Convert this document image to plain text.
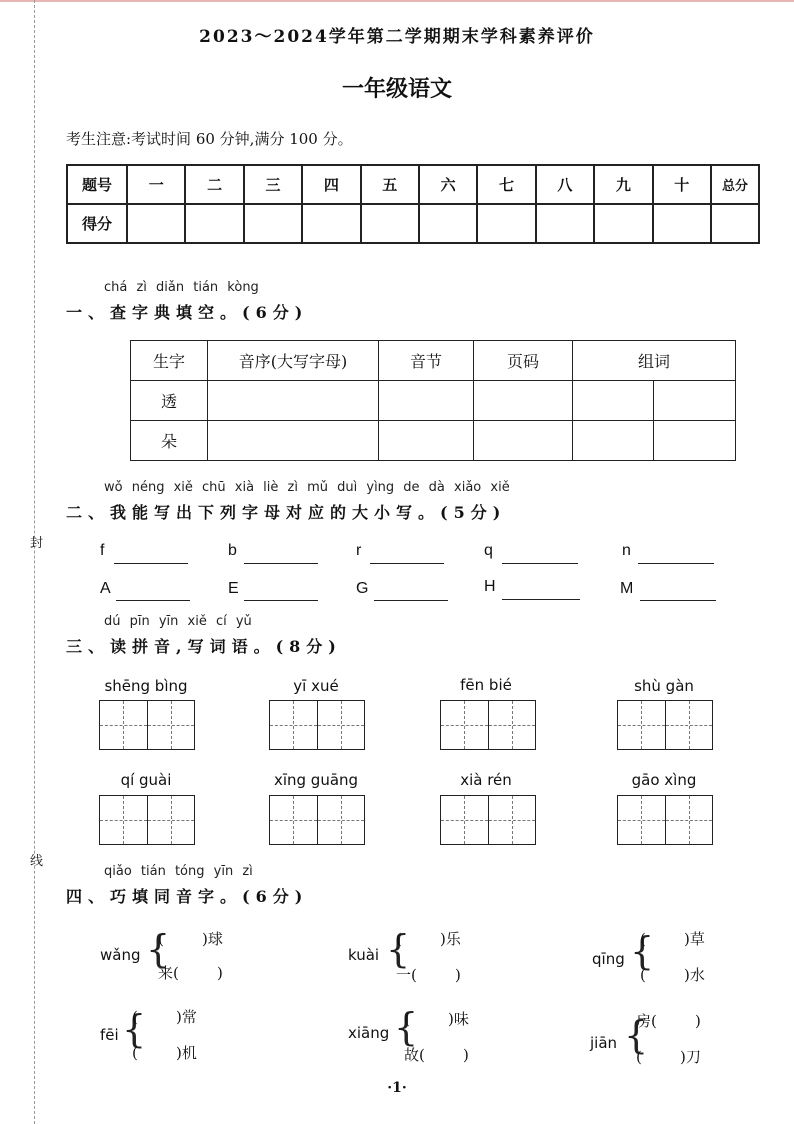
封
线
2023～2024学年第二学期期末学科素养评价
一年级语文
考生注意:考试时间 60 分钟,满分 100 分。
题号	一	二	三	四	五	六	七	八	九	十	总分
得分											
chá zì diǎn tián kòng
一、查字典填空。(6分)
生字	音序(大写字母)	音节	页码	组词	
透					
朵					
wǒ néng xiě chū xià liè zì mǔ duì yìng de dà xiǎo xiě
二、我能写出下列字母对应的大小写。(5分)
f	b	r	q	n
A	E	G	H	M
dú pīn yīn xiě cí yǔ
三、读拼音,写词语。(8分)
shēng bìng	yī xué	fēn bié	shù gàn
qí guài	xīng guāng	xià rén	gāo xìng
qiǎo tián tóng yīn zì
四、巧填同音字。(6分)
wǎng {
(        )球
来(        )
kuài {
(        )乐
一(        )
qīng {
(        )草
(        )水
fēi {
(        )常
(        )机
xiāng {
(        )味
故(        )
jiān {
房(        )
(        )刀
·1·
